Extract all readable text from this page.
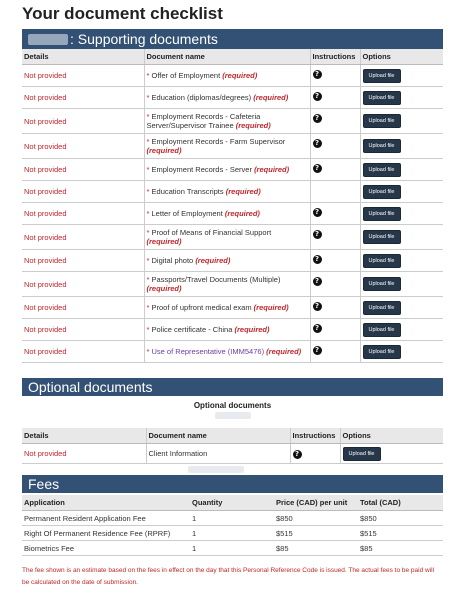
Your document checklist
: Supporting documents
Details	Document name	Instructions	Options
Not provided	* Offer of Employment (required)	?	Upload file
Not provided	* Education (diplomas/degrees) (required)	?	Upload file
Not provided	* Employment Records - Cafeteria Server/Supervisor Trainee (required)	?	Upload file
Not provided	* Employment Records - Farm Supervisor (required)	?	Upload file
Not provided	* Employment Records - Server (required)	?	Upload file
Not provided	* Education Transcripts (required)		Upload file
Not provided	* Letter of Employment (required)	?	Upload file
Not provided	* Proof of Means of Financial Support (required)	?	Upload file
Not provided	* Digital photo (required)	?	Upload file
Not provided	* Passports/Travel Documents (Multiple) (required)	?	Upload file
Not provided	* Proof of upfront medical exam (required)	?	Upload file
Not provided	* Police certificate - China (required)	?	Upload file
Not provided	* Use of Representative (IMM5476) (required)	?	Upload file
Optional documents
Optional documents
Details	Document name	Instructions	Options
Not provided	Client Information	?	Upload file
Fees
Application	Quantity	Price (CAD) per unit	Total (CAD)
Permanent Resident Application Fee	1	$850	$850
Right Of Permanent Residence Fee (RPRF)	1	$515	$515
Biometrics Fee	1	$85	$85
The fee shown is an estimate based on the fees in effect on the day that this Personal Reference Code is issued. The actual fees to be paid will be calculated on the date of submission.
